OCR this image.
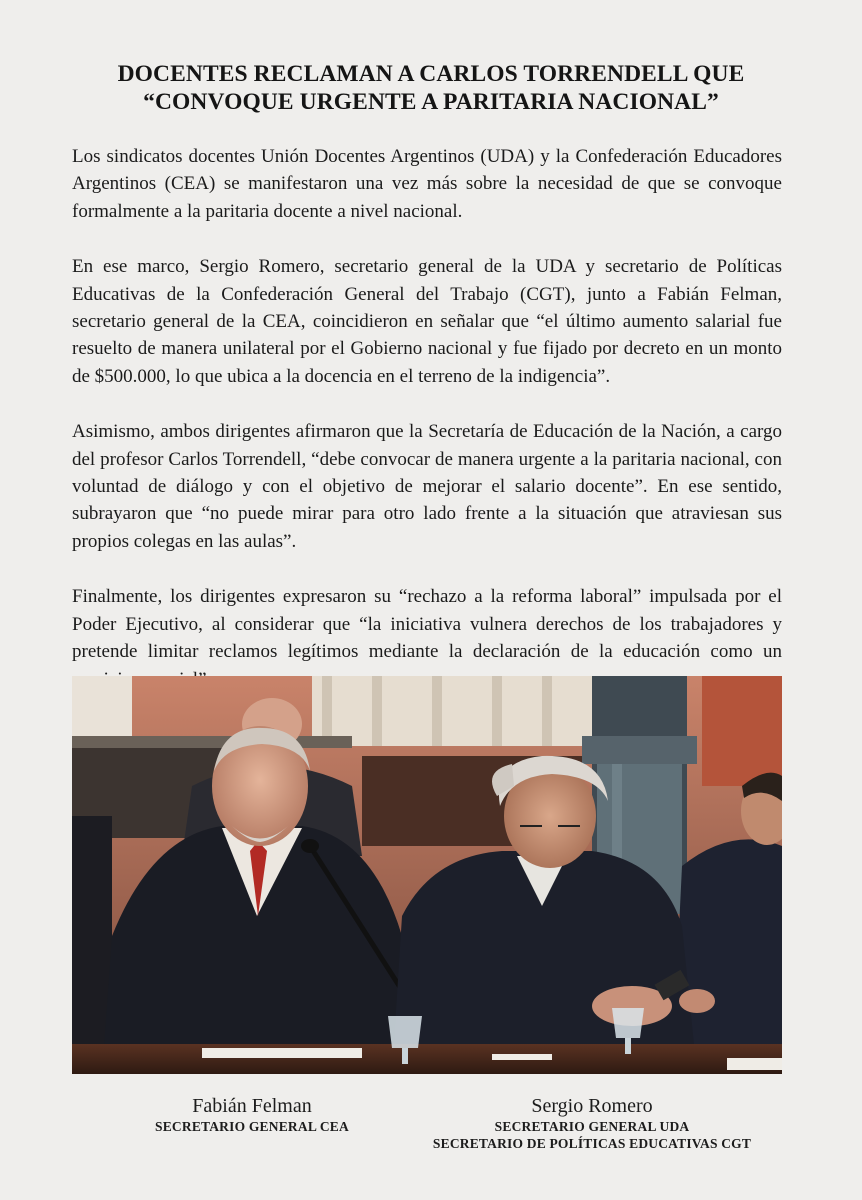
DOCENTES RECLAMAN A CARLOS TORRENDELL QUE
“CONVOQUE URGENTE A PARITARIA NACIONAL”

Los sindicatos docentes Unión Docentes Argentinos (UDA) y la Confederación Educadores Argentinos (CEA) se manifestaron una vez más sobre la necesidad de que se convoque formalmente a la paritaria docente a nivel nacional.

En ese marco, Sergio Romero, secretario general de la UDA y secretario de Políticas Educativas de la Confederación General del Trabajo (CGT), junto a Fabián Felman, secretario general de la CEA, coincidieron en señalar que “el último aumento salarial fue resuelto de manera unilateral por el Gobierno nacional y fue fijado por decreto en un monto de $500.000, lo que ubica a la docencia en el terreno de la indigencia”.

Asimismo, ambos dirigentes afirmaron que la Secretaría de Educación de la Nación, a cargo del profesor Carlos Torrendell, “debe convocar de manera urgente a la paritaria nacional, con voluntad de diálogo y con el objetivo de mejorar el salario docente”. En ese sentido, subrayaron que “no puede mirar para otro lado frente a la situación que atraviesan sus propios colegas en las aulas”.

Finalmente, los dirigentes expresaron su “rechazo a la reforma laboral” impulsada por el Poder Ejecutivo, al considerar que “la iniciativa vulnera derechos de los trabajadores y pretende limitar reclamos legítimos mediante la declaración de la educación como un

Fabián Felman
SECRETARIO GENERAL CEA
Sergio Romero
SECRETARIO GENERAL UDA
SECRETARIO DE POLÍTICAS EDUCATIVAS CGT
